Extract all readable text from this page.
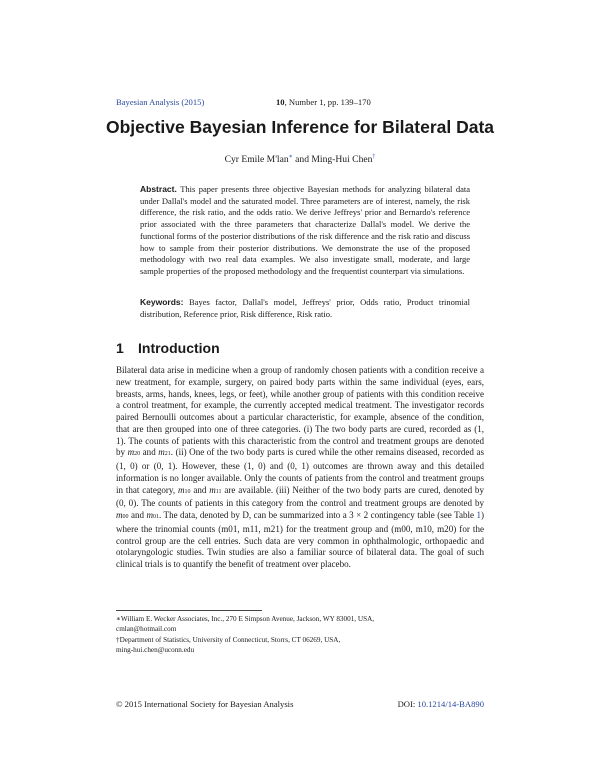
Bayesian Analysis (2015)	10, Number 1, pp. 139–170
Objective Bayesian Inference for Bilateral Data
Cyr Emile M'lan∗ and Ming-Hui Chen†
Abstract. This paper presents three objective Bayesian methods for analyzing bilateral data under Dallal's model and the saturated model. Three parameters are of interest, namely, the risk difference, the risk ratio, and the odds ratio. We derive Jeffreys' prior and Bernardo's reference prior associated with the three parameters that characterize Dallal's model. We derive the functional forms of the posterior distributions of the risk difference and the risk ratio and discuss how to sample from their posterior distributions. We demonstrate the use of the proposed methodology with two real data examples. We also investigate small, moderate, and large sample properties of the proposed methodology and the frequentist counterpart via simulations.
Keywords: Bayes factor, Dallal's model, Jeffreys' prior, Odds ratio, Product trinomial distribution, Reference prior, Risk difference, Risk ratio.
1 Introduction
Bilateral data arise in medicine when a group of randomly chosen patients with a condition receive a new treatment, for example, surgery, on paired body parts within the same individual (eyes, ears, breasts, arms, hands, knees, legs, or feet), while another group of patients with this condition receive a control treatment, for example, the currently accepted medical treatment. The investigator records paired Bernoulli outcomes about a particular characteristic, for example, absence of the condition, that are then grouped into one of three categories. (i) The two body parts are cured, recorded as (1, 1). The counts of patients with this characteristic from the control and treatment groups are denoted by m20 and m21. (ii) One of the two body parts is cured while the other remains diseased, recorded as (1, 0) or (0, 1). However, these (1, 0) and (0, 1) outcomes are thrown away and this detailed information is no longer available. Only the counts of patients from the control and treatment groups in that category, m10 and m11 are available. (iii) Neither of the two body parts are cured, denoted by (0, 0). The counts of patients in this category from the control and treatment groups are denoted by m00 and m01. The data, denoted by D, can be summarized into a 3 × 2 contingency table (see Table 1) where the trinomial counts (m01, m11, m21) for the treatment group and (m00, m10, m20) for the control group are the cell entries. Such data are very common in ophthalmologic, orthopaedic and otolaryngologic studies. Twin studies are also a familiar source of bilateral data. The goal of such clinical trials is to quantify the benefit of treatment over placebo.

∗William E. Wecker Associates, Inc., 270 E Simpson Avenue, Jackson, WY 83001, USA,

cmlan@hotmail.com

†Department of Statistics, University of Connecticut, Storrs, CT 06269, USA,

ming-hui.chen@uconn.edu

© 2015 International Society for Bayesian Analysis	DOI: 10.1214/14-BA890
